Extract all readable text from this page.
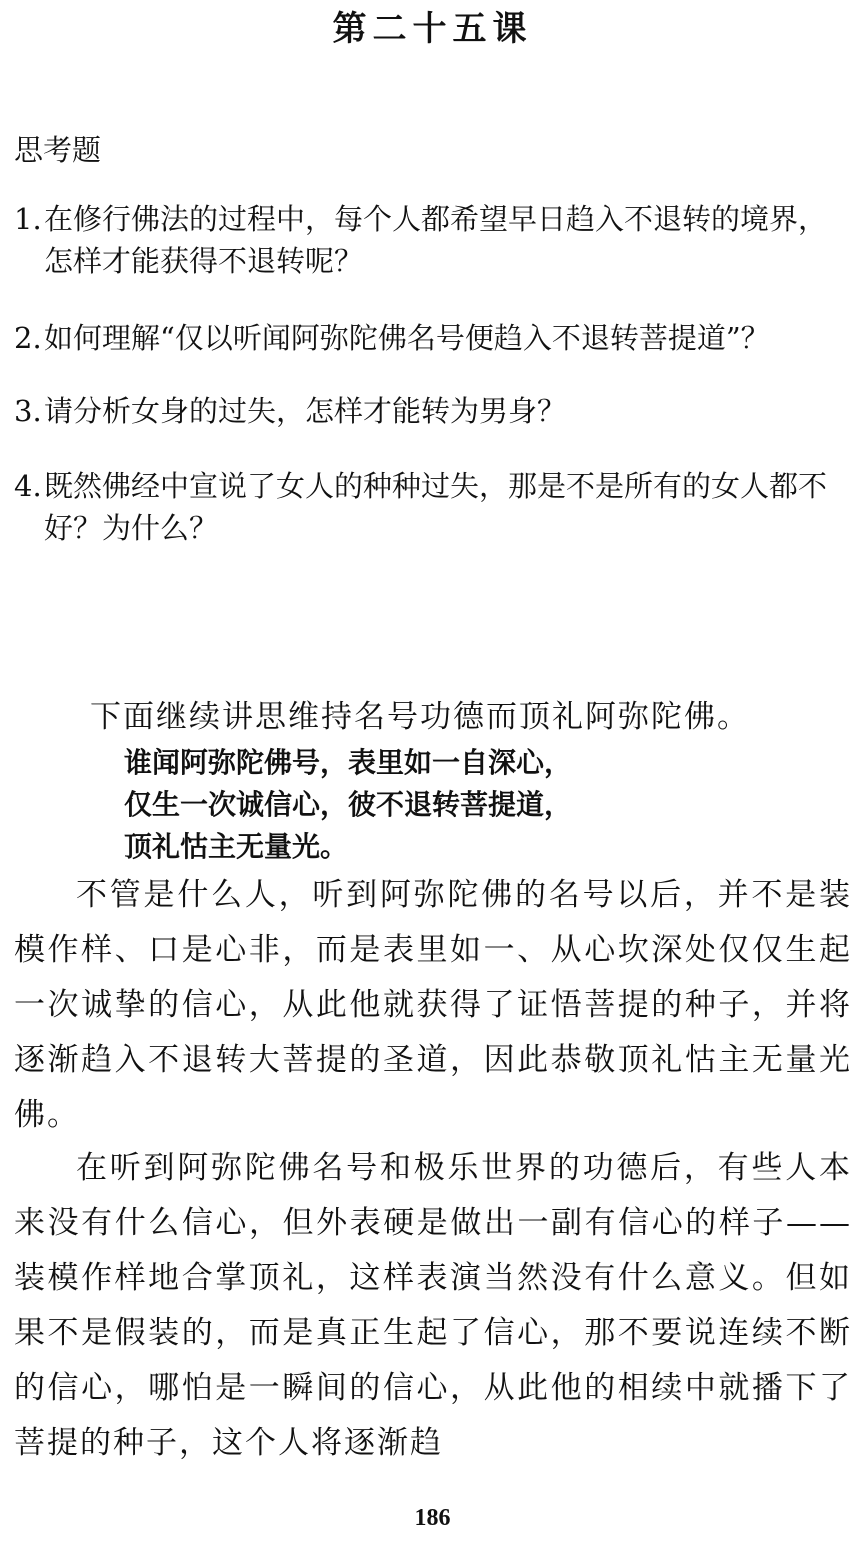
第二十五课
思考题
1. 在修行佛法的过程中，每个人都希望早日趋入不退转的境界，怎样才能获得不退转呢？
2. 如何理解“仅以听闻阿弥陀佛名号便趋入不退转菩提道”？
3. 请分析女身的过失，怎样才能转为男身？
4. 既然佛经中宣说了女人的种种过失，那是不是所有的女人都不好？为什么？
下面继续讲思维持名号功德而顶礼阿弥陀佛。
谁闻阿弥陀佛号，表里如一自深心，
仅生一次诚信心，彼不退转菩提道，
顶礼怙主无量光。

不管是什么人，听到阿弥陀佛的名号以后，并不是装模作样、口是心非，而是表里如一、从心坎深处仅仅生起一次诚挚的信心，从此他就获得了证悟菩提的种子，并将逐渐趋入不退转大菩提的圣道，因此恭敬顶礼怙主无量光佛。

在听到阿弥陀佛名号和极乐世界的功德后，有些人本来没有什么信心，但外表硬是做出一副有信心的样子——装模作样地合掌顶礼，这样表演当然没有什么意义。但如果不是假装的，而是真正生起了信心，那不要说连续不断的信心，哪怕是一瞬间的信心，从此他的相续中就播下了菩提的种子，这个人将逐渐趋

186
